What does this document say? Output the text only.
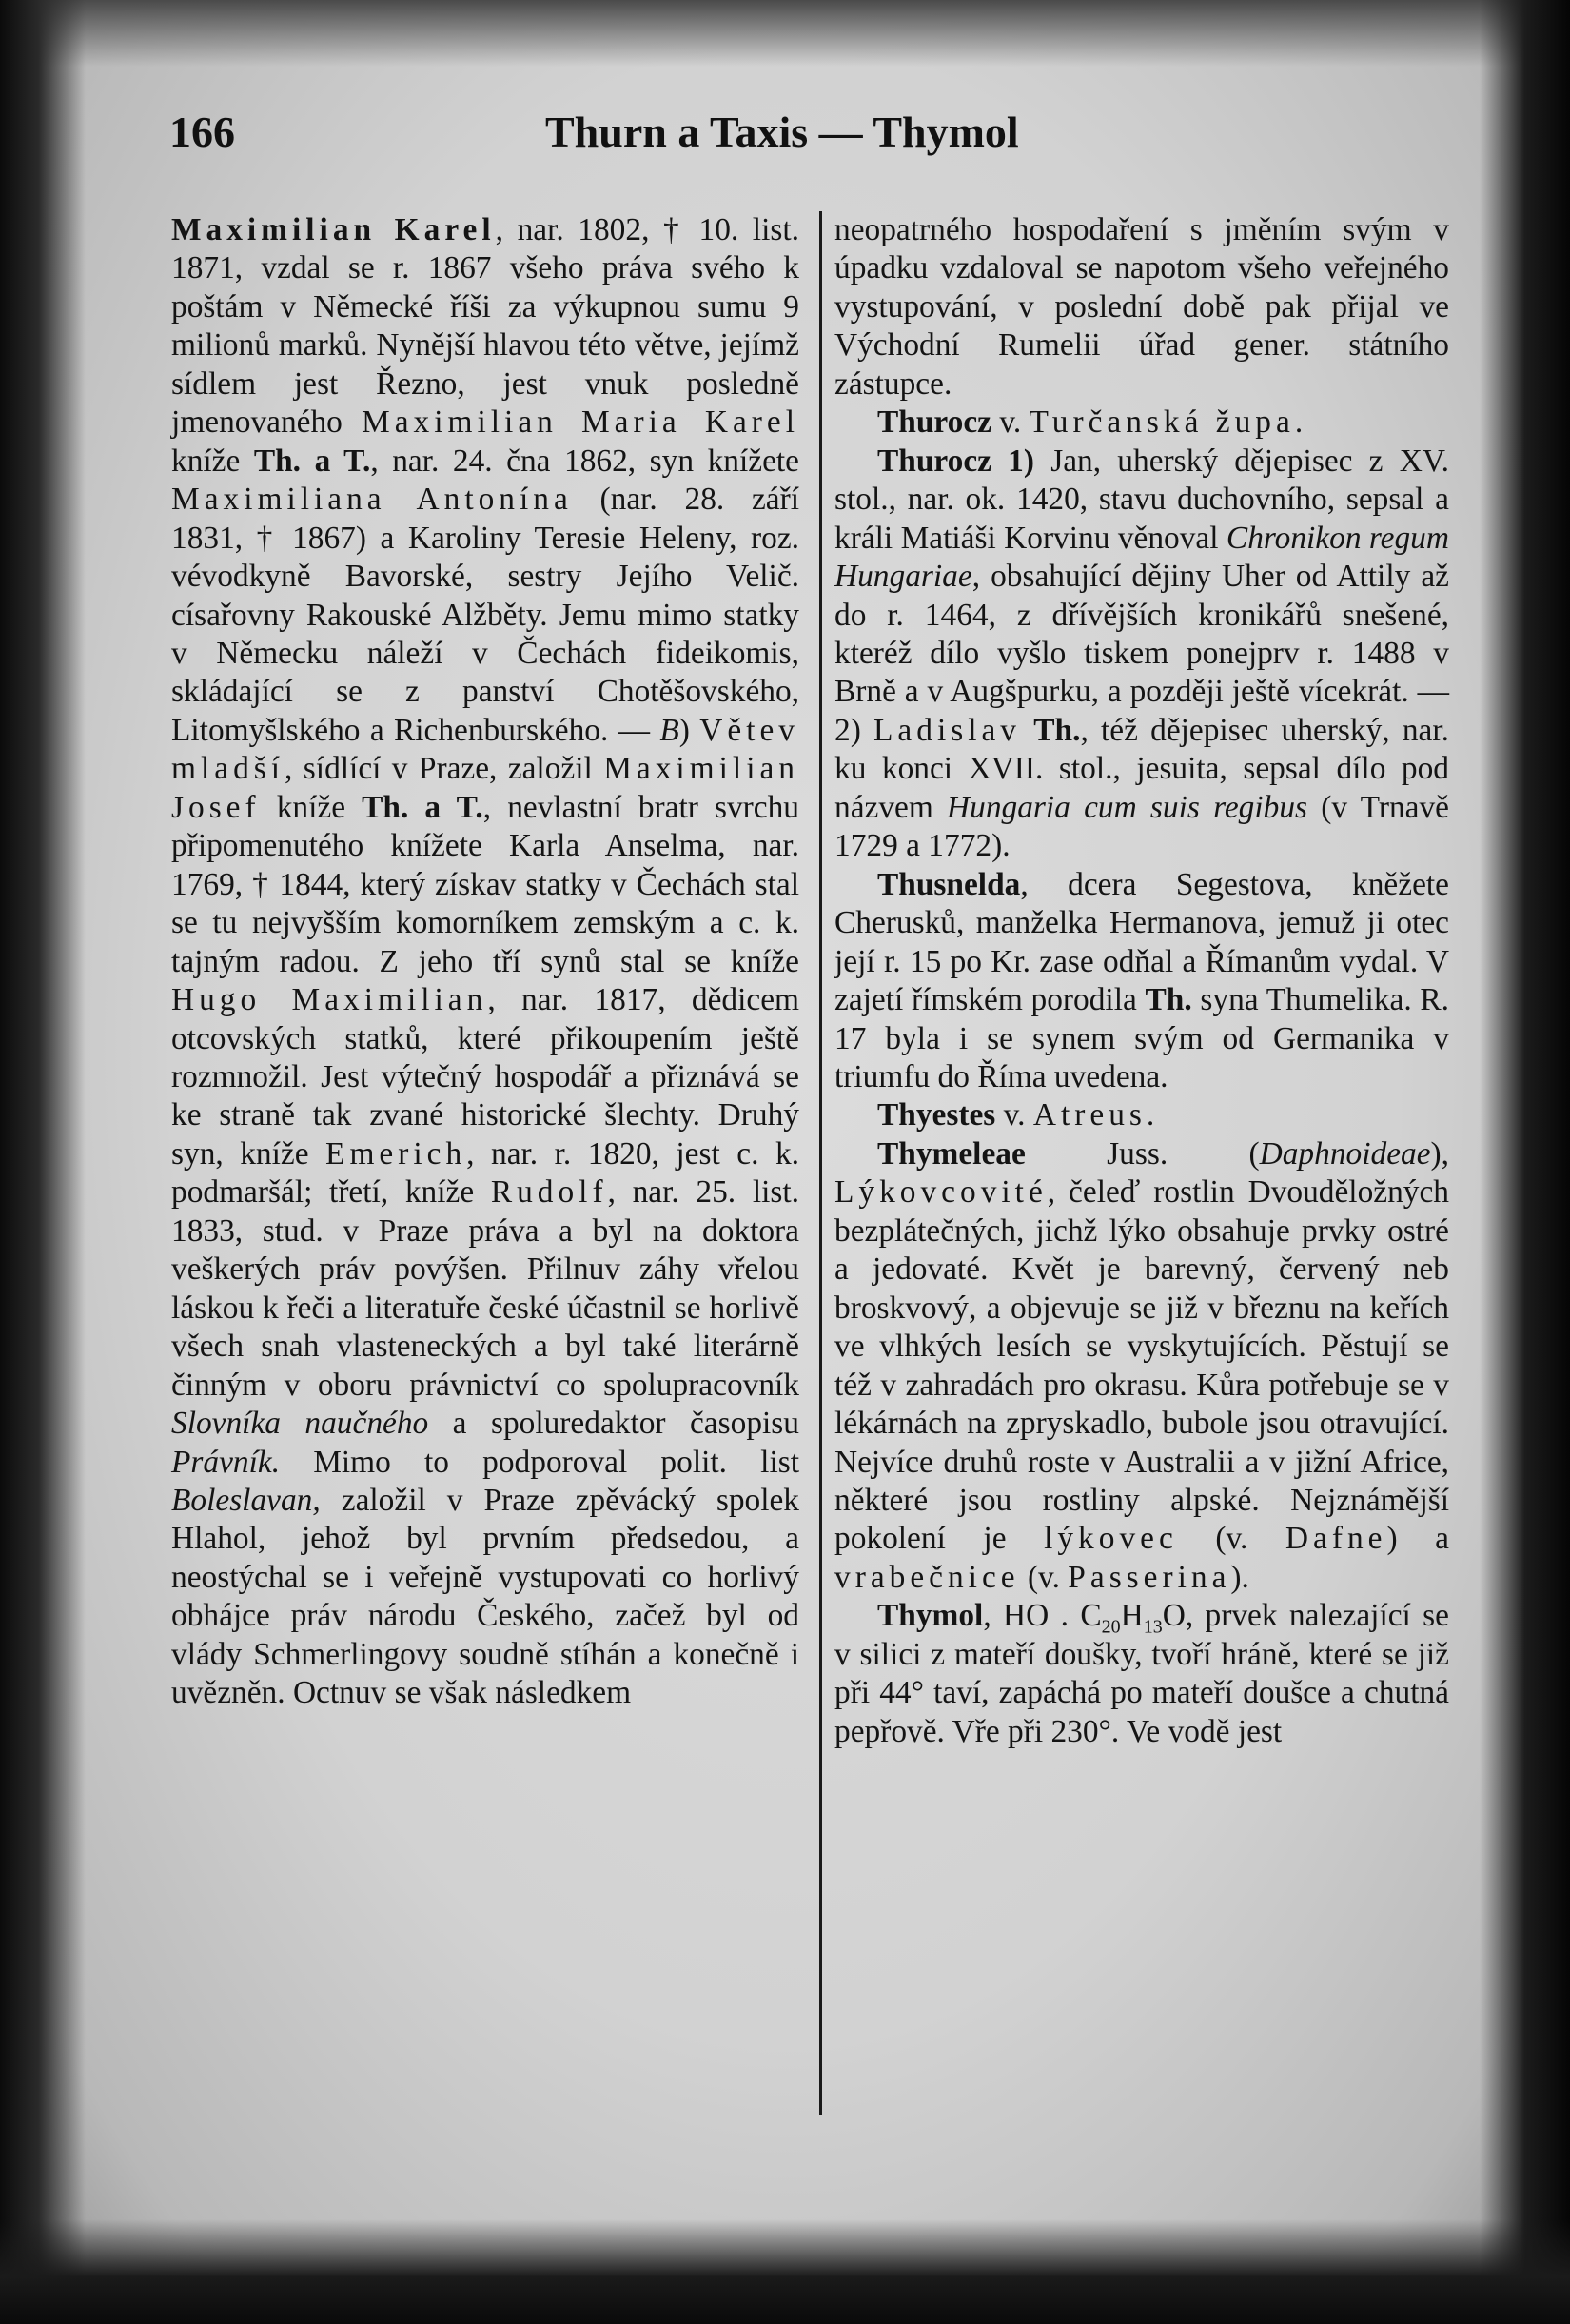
166	Thurn a Taxis — Thymol

Maximilian Karel, nar. 1802, † 10. list. 1871, vzdal se r. 1867 všeho práva svého k poštám v Německé říši za výkupnou sumu 9 milionů marků. Nynější hlavou této větve, jejímž sídlem jest Řezno, jest vnuk posledně jmenovaného Maximilian Maria Karel kníže Th. a T., nar. 24. čna 1862, syn knížete Maximiliana Antonína (nar. 28. září 1831, † 1867) a Karoliny Teresie Heleny, roz. vévodkyně Bavorské, sestry Jejího Velič. císařovny Rakouské Alžběty. Jemu mimo statky v Německu náleží v Čechách fideikomis, skládající se z panství Chotěšovského, Litomyšlského a Richenburského. — B) Větev mladší, sídlící v Praze, založil Maximilian Josef kníže Th. a T., nevlastní bratr svrchu připomenutého knížete Karla Anselma, nar. 1769, † 1844, který získav statky v Čechách stal se tu nejvyšším komorníkem zemským a c. k. tajným radou. Z jeho tří synů stal se kníže Hugo Maximilian, nar. 1817, dědicem otcovských statků, které přikoupením ještě rozmnožil. Jest výtečný hospodář a přiznává se ke straně tak zvané historické šlechty. Druhý syn, kníže Emerich, nar. r. 1820, jest c. k. podmaršál; třetí, kníže Rudolf, nar. 25. list. 1833, stud. v Praze práva a byl na doktora veškerých práv povýšen. Přilnuv záhy vřelou láskou k řeči a literatuře české účastnil se horlivě všech snah vlasteneckých a byl také literárně činným v oboru právnictví co spolupracovník Slovníka naučného a spoluredaktor časopisu Právník. Mimo to podporoval polit. list Boleslavan, založil v Praze zpěvácký spolek Hlahol, jehož byl prvním předsedou, a neostýchal se i veřejně vystupovati co horlivý obhájce práv národu Českého, začež byl od vlády Schmerlingovy soudně stíhán a konečně i uvězněn. Octnuv se však následkem

neopatrného hospodaření s jměním svým v úpadku vzdaloval se napotom všeho veřejného vystupování, v poslední době pak přijal ve Východní Rumelii úřad gener. státního zástupce.

Thurocz v. Turčanská župa.

Thurocz 1) Jan, uherský dějepisec z XV. stol., nar. ok. 1420, stavu duchovního, sepsal a králi Matiáši Korvinu věnoval Chronikon regum Hungariae, obsahující dějiny Uher od Attily až do r. 1464, z dřívějších kronikářů snešené, kteréž dílo vyšlo tiskem ponejprv r. 1488 v Brně a v Augšpurku, a později ještě vícekrát. — 2) Ladislav Th., též dějepisec uherský, nar. ku konci XVII. stol., jesuita, sepsal dílo pod názvem Hungaria cum suis regibus (v Trnavě 1729 a 1772).

Thusnelda, dcera Segestova, kněžete Cherusků, manželka Hermanova, jemuž ji otec její r. 15 po Kr. zase odňal a Římanům vydal. V zajetí římském porodila Th. syna Thumelika. R. 17 byla i se synem svým od Germanika v triumfu do Říma uvedena.

Thyestes v. Atreus.

Thymeleae Juss. (Daphnoideae), Lýkovcovité, čeleď rostlin Dvouděložných bezplátečných, jichž lýko obsahuje prvky ostré a jedovaté. Květ je barevný, červený neb broskvový, a objevuje se již v březnu na keřích ve vlhkých lesích se vyskytujících. Pěstují se též v zahradách pro okrasu. Kůra potřebuje se v lékárnách na zpryskadlo, bubole jsou otravující. Nejvíce druhů roste v Australii a v jižní Africe, některé jsou rostliny alpské. Nejznámější pokolení je lýkovec (v. Dafne) a vrabečnice (v. Passerina).

Thymol, HO . $C_{20}H_{13}O$, prvek nalezající se v silici z mateří doušky, tvoří hráně, které se již při 44° taví, zapáchá po mateří doušce a chutná pepřově. Vře při 230°. Ve vodě jest
